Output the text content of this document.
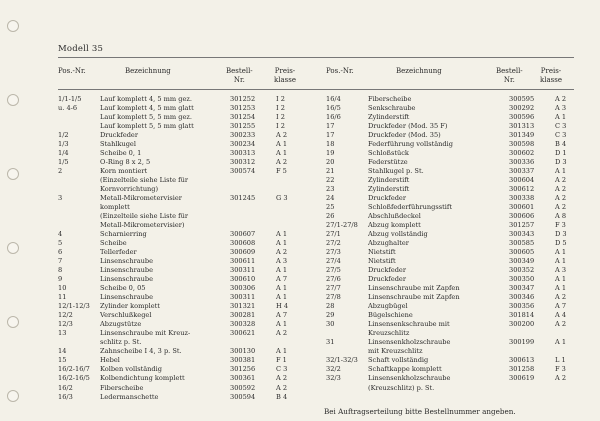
Modell 35
Pos.-Nr.	Bezeichnung	Bestell-
Nr.
Preis-
klasse
Pos.-Nr.	Bezeichnung	Bestell-
Nr.
Preis-
klasse
1/1-1/5	Lauf komplett 4, 5 mm gez.	301252	I 2
u. 4-6	Lauf komplett 4, 5 mm glatt	301253	I 2
Lauf komplett 5, 5 mm gez.	301254	I 2
Lauf komplett 5, 5 mm glatt	301255	I 2
1/2	Druckfeder	300233	A 2
1/3	Stahlkugel	300234	A 1
1/4	Scheibe 0, 1	300313	A 1
1/5	O-Ring 8 x 2, 5	300312	A 2
2	Korn montiert	300574	F 5
(Einzelteile siehe Liste für
Kornvorrichtung)
3	Metall-Mikrometervisier	301245	G 3
komplett
(Einzelteile siehe Liste für
Metall-Mikrometervisier)
4	Scharnierring	300607	A 1
5	Scheibe	300608	A 1
6	Tellerfeder	300609	A 2
7	Linsenschraube	300611	A 3
8	Linsenschraube	300311	A 1
9	Linsenschraube	300610	A 7
10	Scheibe 0, 05	300306	A 1
11	Linsenschraube	300311	A 1
12/1-12/3 Zylinder komplett	301321	H 4
12/2	Verschlußkegel	300281	A 7
12/3	Abzugstütze	300328	A 1
13	Linsenschraube mit Kreuz-	300621	A 2
schlitz p. St.
14	Zahnscheibe I 4, 3 p. St.	300130	A 1
15	Hebel	300381	F 1
16/2-16/7 Kolben vollständig	301256	C 3
16/2-16/5 Kolbendichtung komplett	300361	A 2
16/2	Fiberscheibe	300592	A 2
16/3	Ledermanschette	300594	B 4
16/4	Fiberscheibe	300595	A 2
16/5	Senkschraube	300292	A 3
16/6	Zylinderstift	300596	A 1
17	Druckfeder (Mod. 35 F)	301313	C 3
17	Druckfeder (Mod. 35)	301349	C 3
18	Federführung vollständig	300598	B 4
19	Schloßstück	300602	D 1
20	Federstütze	300336	D 3
21	Stahlkugel p. St.	300337	A 1
22	Zylinderstift	300604	A 2
23	Zylinderstift	300612	A 2
24	Druckfeder	300338	A 2
25	Schloßfederführungsstift	300601	A 2
26	Abschlußdeckel	300606	A 8
27/1-27/8 Abzug komplett	301257	F 3
27/1	Abzug vollständig	300343	D 3
27/2	Abzughalter	300585	D 5
27/3	Nietstift	300605	A 1
27/4	Nietstift	300349	A 1
27/5	Druckfeder	300352	A 3
27/6	Druckfeder	300350	A 1
27/7	Linsenschraube mit Zapfen	300347	A 1
27/8	Linsenschraube mit Zapfen	300346	A 2
28	Abzugbügel	300356	A 7
29	Bügelschiene	301814	A 4
30	Linsensenkschraube mit	300200	A 2
Kreuzschlitz
31	Linsensenkholzschraube	300199	A 1
mit Kreuzschlitz
32/1-32/3 Schaft vollständig	300613	L 1
32/2	Schaftkappe komplett	301258	F 3
32/3	Linsensenkholzschraube	300619	A 2
(Kreuzschlitz) p. St.
Bei Auftragserteilung bitte Bestellnummer angeben.
